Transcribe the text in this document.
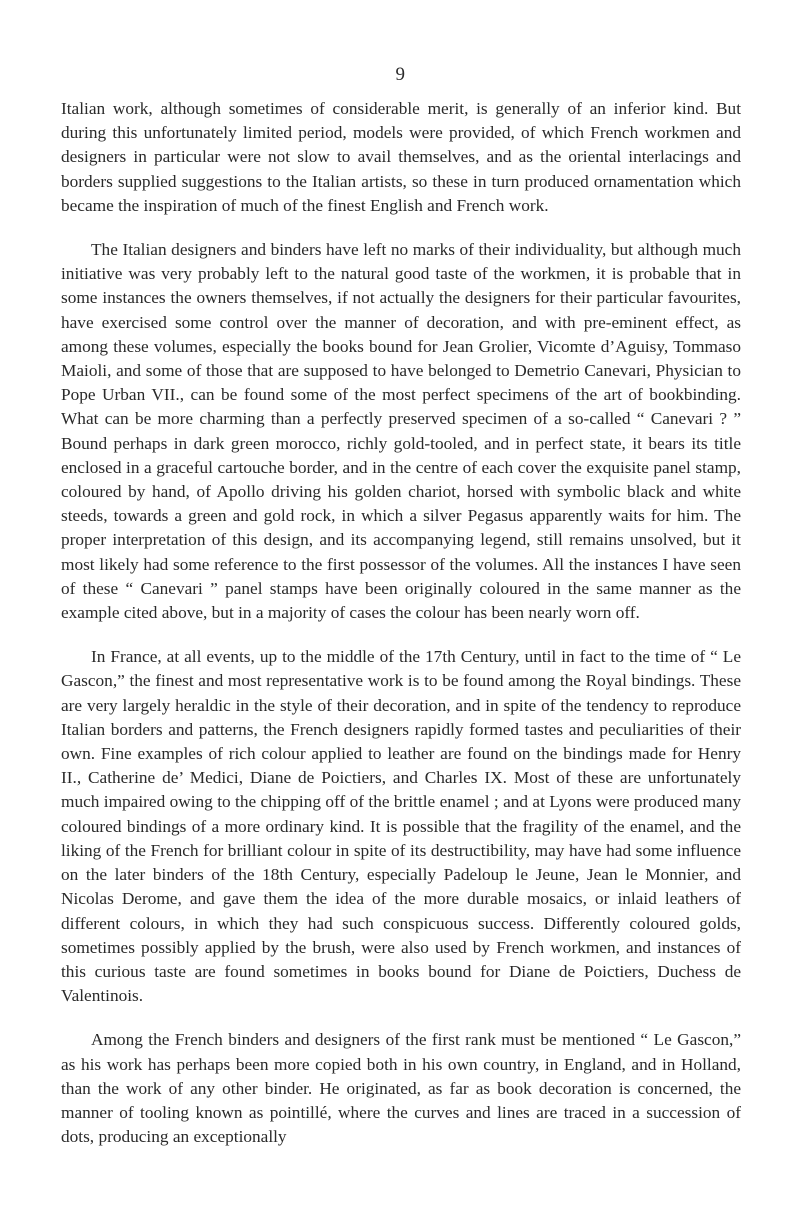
9

Italian work, although sometimes of considerable merit, is generally of an inferior kind. But during this unfortunately limited period, models were provided, of which French workmen and designers in particular were not slow to avail themselves, and as the oriental interlacings and borders supplied suggestions to the Italian artists, so these in turn produced ornamentation which became the inspiration of much of the finest English and French work.

The Italian designers and binders have left no marks of their individuality, but although much initiative was very probably left to the natural good taste of the workmen, it is probable that in some instances the owners themselves, if not actually the designers for their particular favourites, have exercised some control over the manner of decoration, and with pre-eminent effect, as among these volumes, especially the books bound for Jean Grolier, Vicomte d’Aguisy, Tommaso Maioli, and some of those that are supposed to have belonged to Demetrio Canevari, Physician to Pope Urban VII., can be found some of the most perfect specimens of the art of bookbinding. What can be more charming than a perfectly preserved specimen of a so-called “ Canevari ? ” Bound perhaps in dark green morocco, richly gold-tooled, and in perfect state, it bears its title enclosed in a graceful cartouche border, and in the centre of each cover the exquisite panel stamp, coloured by hand, of Apollo driving his golden chariot, horsed with symbolic black and white steeds, towards a green and gold rock, in which a silver Pegasus apparently waits for him. The proper interpretation of this design, and its accompanying legend, still remains unsolved, but it most likely had some reference to the first possessor of the volumes. All the instances I have seen of these “ Canevari ” panel stamps have been originally coloured in the same manner as the example cited above, but in a majority of cases the colour has been nearly worn off.

In France, at all events, up to the middle of the 17th Century, until in fact to the time of “ Le Gascon,” the finest and most representative work is to be found among the Royal bindings. These are very largely heraldic in the style of their decoration, and in spite of the tendency to reproduce Italian borders and patterns, the French designers rapidly formed tastes and peculiarities of their own. Fine examples of rich colour applied to leather are found on the bindings made for Henry II., Catherine de’ Medici, Diane de Poictiers, and Charles IX. Most of these are unfortunately much impaired owing to the chipping off of the brittle enamel ; and at Lyons were produced many coloured bindings of a more ordinary kind. It is possible that the fragility of the enamel, and the liking of the French for brilliant colour in spite of its destructibility, may have had some influence on the later binders of the 18th Century, especially Padeloup le Jeune, Jean le Monnier, and Nicolas Derome, and gave them the idea of the more durable mosaics, or inlaid leathers of different colours, in which they had such conspicuous success. Differently coloured golds, sometimes possibly applied by the brush, were also used by French workmen, and instances of this curious taste are found sometimes in books bound for Diane de Poictiers, Duchess de Valentinois.

Among the French binders and designers of the first rank must be mentioned “ Le Gascon,” as his work has perhaps been more copied both in his own country, in England, and in Holland, than the work of any other binder. He originated, as far as book decoration is concerned, the manner of tooling known as pointillé, where the curves and lines are traced in a succession of dots, producing an exceptionally
